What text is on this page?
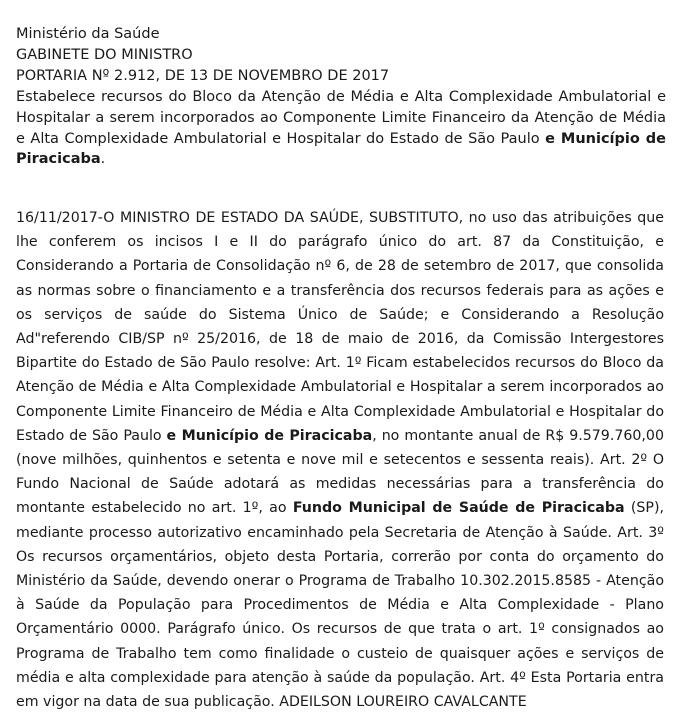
Ministério da Saúde
GABINETE DO MINISTRO
PORTARIA Nº 2.912, DE 13 DE NOVEMBRO DE 2017

Estabelece recursos do Bloco da Atenção de Média e Alta Complexidade Ambulatorial e Hospitalar a serem incorporados ao Componente Limite Financeiro da Atenção de Média e Alta Complexidade Ambulatorial e Hospitalar do Estado de São Paulo e Município de Piracicaba.

16/11/2017-O MINISTRO DE ESTADO DA SAÚDE, SUBSTITUTO, no uso das atribuições que lhe conferem os incisos I e II do parágrafo único do art. 87 da Constituição, e Considerando a Portaria de Consolidação nº 6, de 28 de setembro de 2017, que consolida as normas sobre o financiamento e a transferência dos recursos federais para as ações e os serviços de saúde do Sistema Único de Saúde; e Considerando a Resolução Ad"referendo CIB/SP nº 25/2016, de 18 de maio de 2016, da Comissão Intergestores Bipartite do Estado de São Paulo resolve: Art. 1º Ficam estabelecidos recursos do Bloco da Atenção de Média e Alta Complexidade Ambulatorial e Hospitalar a serem incorporados ao Componente Limite Financeiro de Média e Alta Complexidade Ambulatorial e Hospitalar do Estado de São Paulo e Município de Piracicaba, no montante anual de R$ 9.579.760,00 (nove milhões, quinhentos e setenta e nove mil e setecentos e sessenta reais). Art. 2º O Fundo Nacional de Saúde adotará as medidas necessárias para a transferência do montante estabelecido no art. 1º, ao Fundo Municipal de Saúde de Piracicaba (SP), mediante processo autorizativo encaminhado pela Secretaria de Atenção à Saúde. Art. 3º Os recursos orçamentários, objeto desta Portaria, correrão por conta do orçamento do Ministério da Saúde, devendo onerar o Programa de Trabalho 10.302.2015.8585 - Atenção à Saúde da População para Procedimentos de Média e Alta Complexidade - Plano Orçamentário 0000. Parágrafo único. Os recursos de que trata o art. 1º consignados ao Programa de Trabalho tem como finalidade o custeio de quaisquer ações e serviços de média e alta complexidade para atenção à saúde da população. Art. 4º Esta Portaria entra em vigor na data de sua publicação. ADEILSON LOUREIRO CAVALCANTE
